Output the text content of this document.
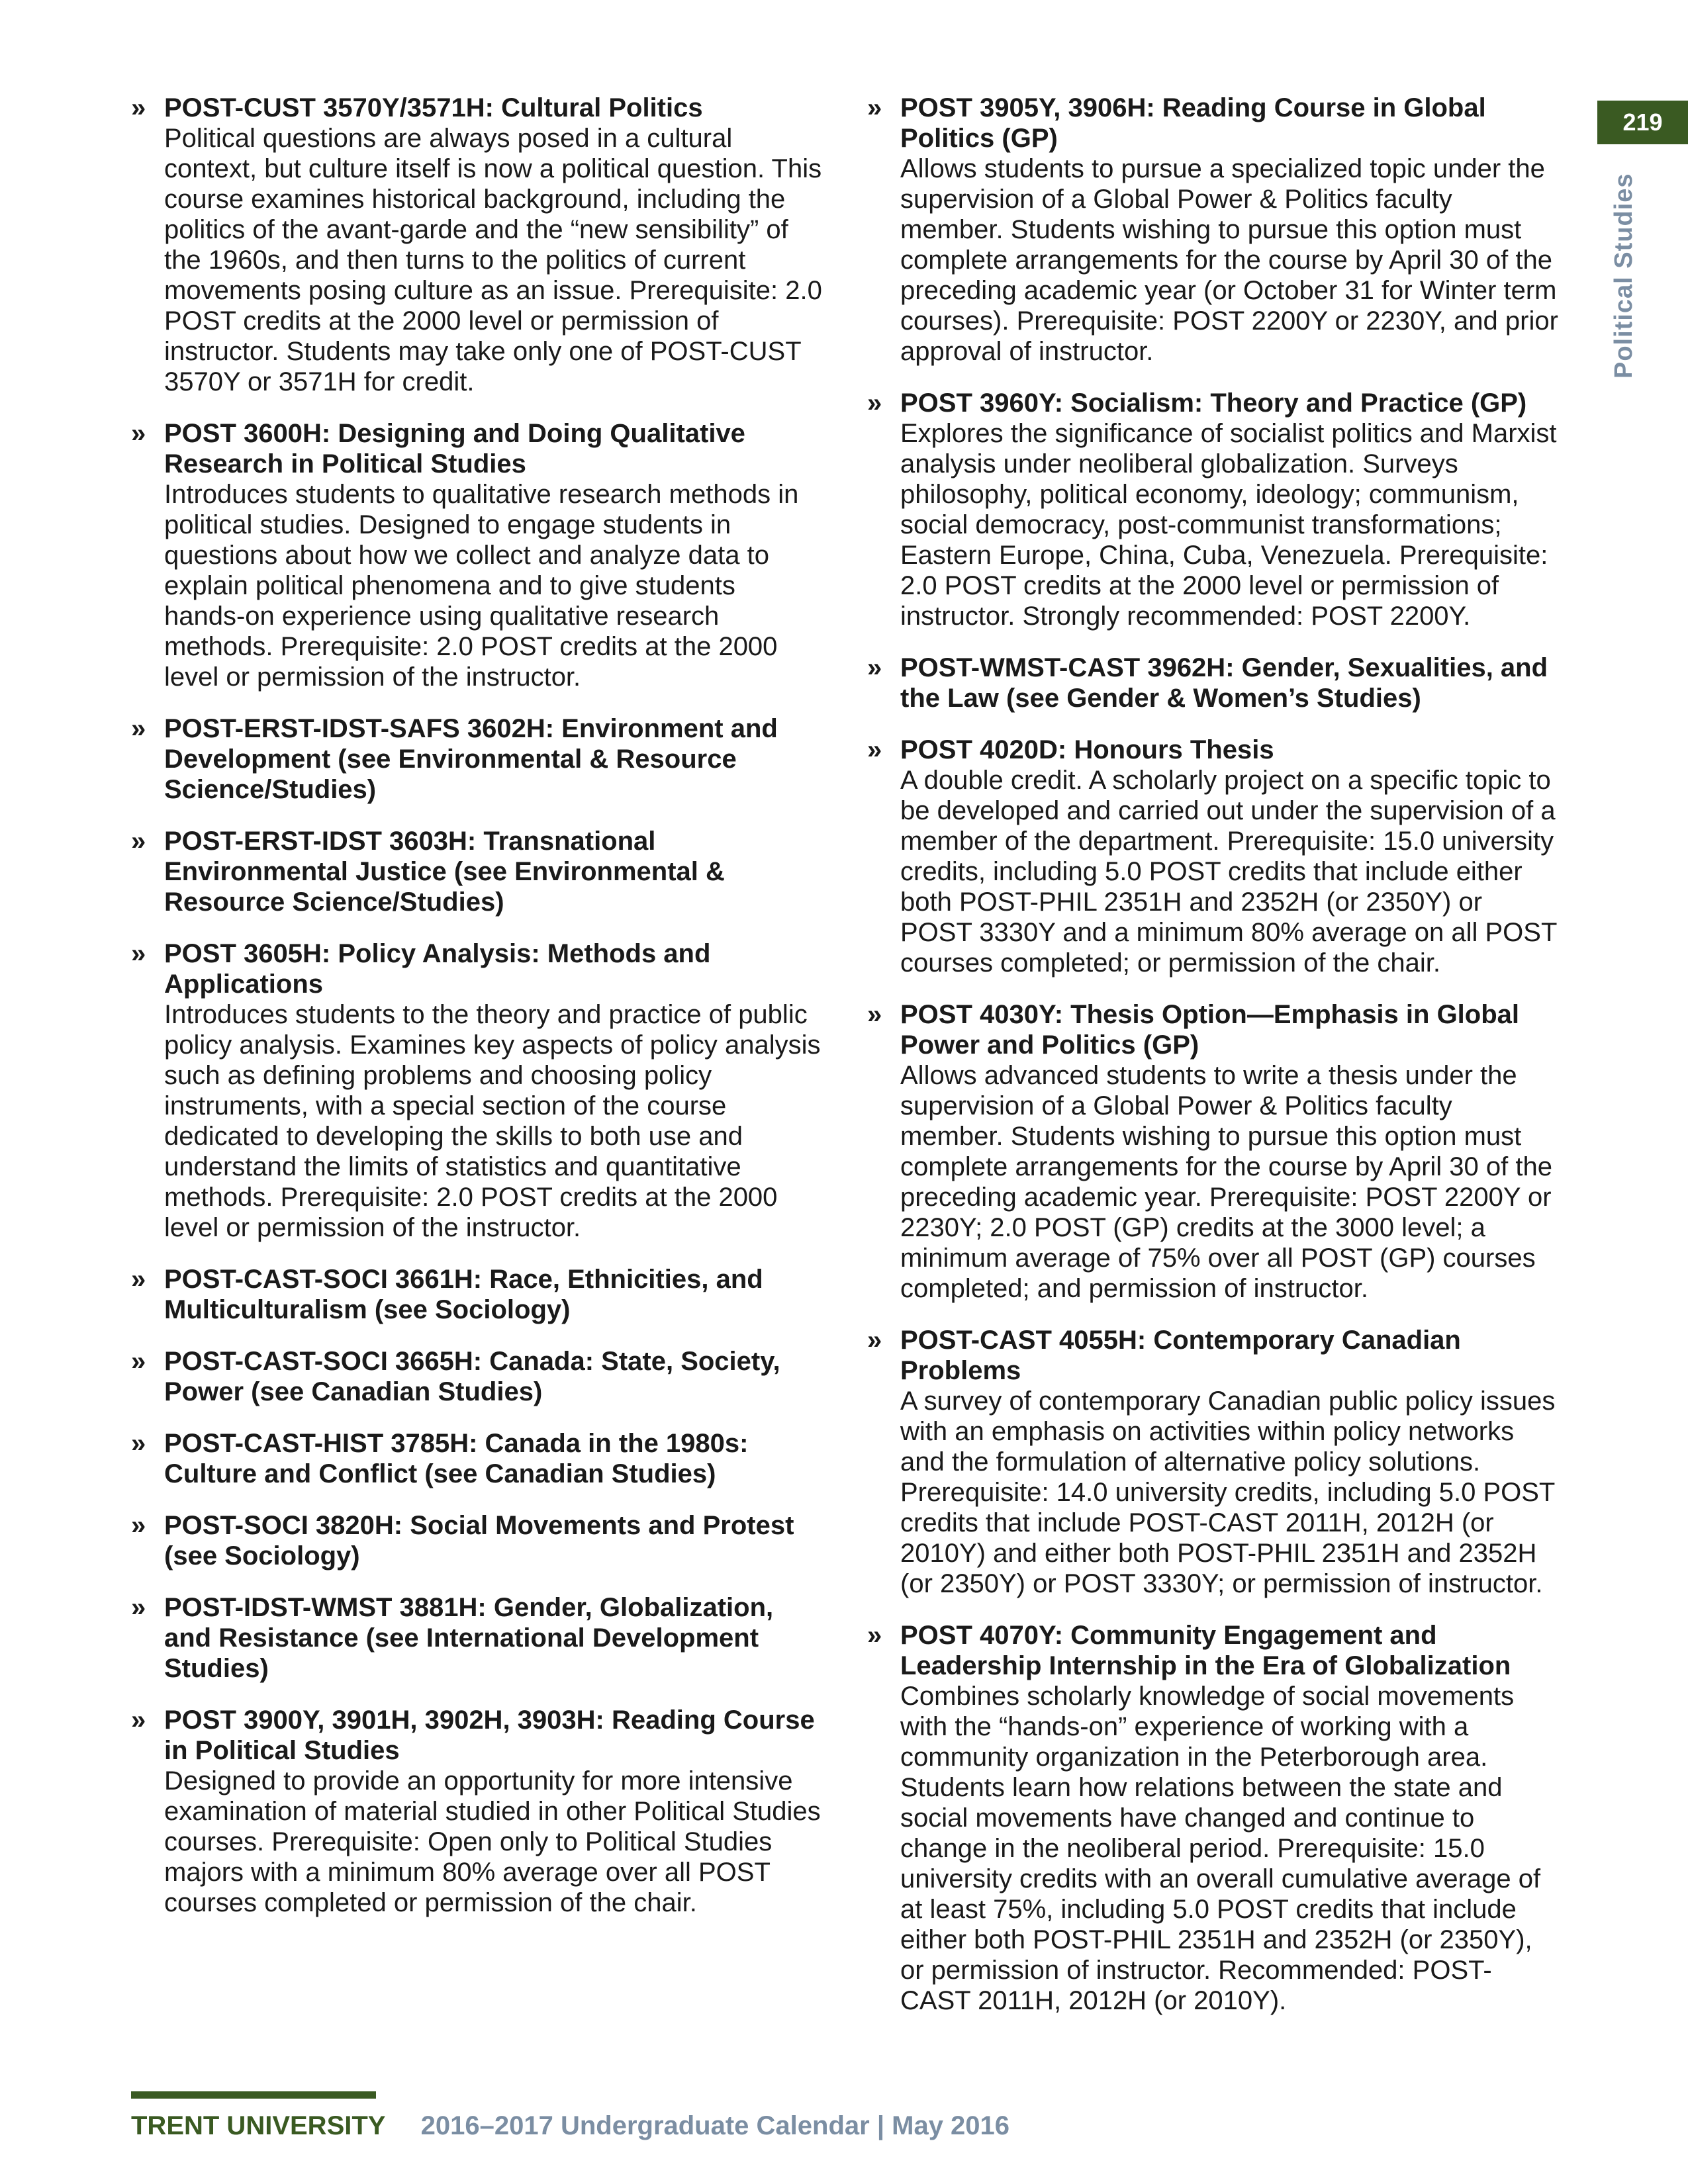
219
Political Studies
» POST-CUST 3570Y/3571H: Cultural Politics
Political questions are always posed in a cultural context, but culture itself is now a political question. This course examines historical background, including the politics of the avant-garde and the “new sensibility” of the 1960s, and then turns to the politics of current movements posing culture as an issue. Prerequisite: 2.0 POST credits at the 2000 level or permission of instructor. Students may take only one of POST-CUST 3570Y or 3571H for credit.
» POST 3600H: Designing and Doing Qualitative Research in Political Studies
Introduces students to qualitative research methods in political studies. Designed to engage students in questions about how we collect and analyze data to explain political phenomena and to give students hands-on experience using qualitative research methods. Prerequisite: 2.0 POST credits at the 2000 level or permission of the instructor.
» POST-ERST-IDST-SAFS 3602H: Environment and Development (see Environmental & Resource Science/Studies)
» POST-ERST-IDST 3603H: Transnational Environmental Justice (see Environmental & Resource Science/Studies)
» POST 3605H: Policy Analysis: Methods and Applications
Introduces students to the theory and practice of public policy analysis. Examines key aspects of policy analysis such as defining problems and choosing policy instruments, with a special section of the course dedicated to developing the skills to both use and understand the limits of statistics and quantitative methods. Prerequisite: 2.0 POST credits at the 2000 level or permission of the instructor.
» POST-CAST-SOCI 3661H: Race, Ethnicities, and Multiculturalism (see Sociology)
» POST-CAST-SOCI 3665H: Canada: State, Society, Power (see Canadian Studies)
» POST-CAST-HIST 3785H: Canada in the 1980s: Culture and Conflict (see Canadian Studies)
» POST-SOCI 3820H: Social Movements and Protest (see Sociology)
» POST-IDST-WMST 3881H: Gender, Globalization, and Resistance (see International Development Studies)
» POST 3900Y, 3901H, 3902H, 3903H: Reading Course in Political Studies
Designed to provide an opportunity for more intensive examination of material studied in other Political Studies courses. Prerequisite: Open only to Political Studies majors with a minimum 80% average over all POST courses completed or permission of the chair.
» POST 3905Y, 3906H: Reading Course in Global Politics (GP)
Allows students to pursue a specialized topic under the supervision of a Global Power & Politics faculty member. Students wishing to pursue this option must complete arrangements for the course by April 30 of the preceding academic year (or October 31 for Winter term courses). Prerequisite: POST 2200Y or 2230Y, and prior approval of instructor.
» POST 3960Y: Socialism: Theory and Practice (GP)
Explores the significance of socialist politics and Marxist analysis under neoliberal globalization. Surveys philosophy, political economy, ideology; communism, social democracy, post-communist transformations; Eastern Europe, China, Cuba, Venezuela. Prerequisite: 2.0 POST credits at the 2000 level or permission of instructor. Strongly recommended: POST 2200Y.
» POST-WMST-CAST 3962H: Gender, Sexualities, and the Law (see Gender & Women’s Studies)
» POST 4020D: Honours Thesis
A double credit. A scholarly project on a specific topic to be developed and carried out under the supervision of a member of the department. Prerequisite: 15.0 university credits, including 5.0 POST credits that include either both POST-PHIL 2351H and 2352H (or 2350Y) or POST 3330Y and a minimum 80% average on all POST courses completed; or permission of the chair.
» POST 4030Y: Thesis Option—Emphasis in Global Power and Politics (GP)
Allows advanced students to write a thesis under the supervision of a Global Power & Politics faculty member. Students wishing to pursue this option must complete arrangements for the course by April 30 of the preceding academic year. Prerequisite: POST 2200Y or 2230Y; 2.0 POST (GP) credits at the 3000 level; a minimum average of 75% over all POST (GP) courses completed; and permission of instructor.
» POST-CAST 4055H: Contemporary Canadian Problems
A survey of contemporary Canadian public policy issues with an emphasis on activities within policy networks and the formulation of alternative policy solutions. Prerequisite: 14.0 university credits, including 5.0 POST credits that include POST-CAST 2011H, 2012H (or 2010Y) and either both POST-PHIL 2351H and 2352H (or 2350Y) or POST 3330Y; or permission of instructor.
» POST 4070Y: Community Engagement and Leadership Internship in the Era of Globalization
Combines scholarly knowledge of social movements with the “hands-on” experience of working with a community organization in the Peterborough area. Students learn how relations between the state and social movements have changed and continue to change in the neoliberal period. Prerequisite: 15.0 university credits with an overall cumulative average of at least 75%, including 5.0 POST credits that include either both POST-PHIL 2351H and 2352H (or 2350Y), or permission of instructor. Recommended: POST-CAST 2011H, 2012H (or 2010Y).
TRENT UNIVERSITY 2016–2017 Undergraduate Calendar | May 2016
